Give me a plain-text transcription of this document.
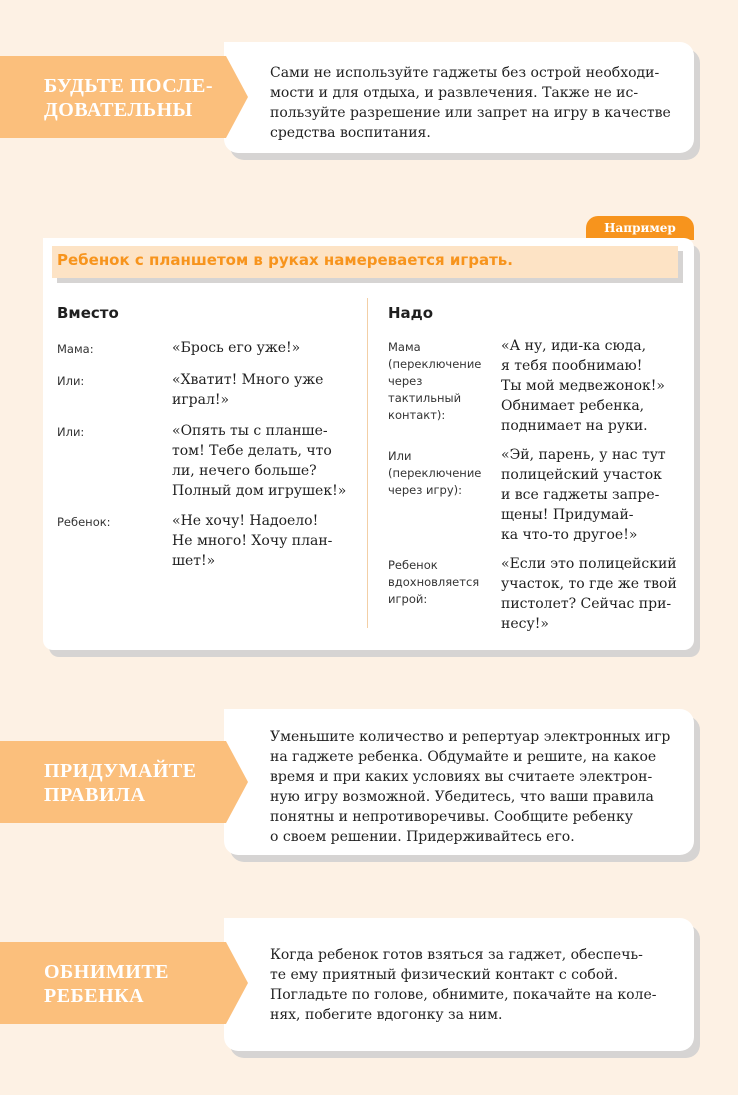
БУДЬТЕ ПОСЛЕ-
ДОВАТЕЛЬНЫ
Сами не используйте гаджеты без острой необходи-
мости и для отдыха, и развлечения. Также не ис-
пользуйте разрешение или запрет на игру в качестве
средства воспитания.
Например
Ребенок с планшетом в руках намеревается играть.
Вместо	Надо
Мама:	«Брось его уже!»
Или:	«Хватит! Много уже
играл!»
Или:	«Опять ты с планше-
том! Тебе делать, что
ли, нечего больше?
Полный дом игрушек!»
Ребенок:	«Не хочу! Надоело!
Не много! Хочу план-
шет!»
Мама
(переключение
через
тактильный
контакт):
«А ну, иди-ка сюда,
я тебя пообнимаю!
Ты мой медвежонок!»
Обнимает ребенка,
поднимает на руки.
Или
(переключение
через игру):
«Эй, парень, у нас тут
полицейский участок
и все гаджеты запре-
щены! Придумай-
ка что-то другое!»
Ребенок
вдохновляется
игрой:
«Если это полицейский
участок, то где же твой
пистолет? Сейчас при-
несу!»
ПРИДУМАЙТЕ
ПРАВИЛА
Уменьшите количество и репертуар электронных игр
на гаджете ребенка. Обдумайте и решите, на какое
время и при каких условиях вы считаете электрон-
ную игру возможной. Убедитесь, что ваши правила
понятны и непротиворечивы. Сообщите ребенку
о своем решении. Придерживайтесь его.
ОБНИМИТЕ
РЕБЕНКА
Когда ребенок готов взяться за гаджет, обеспечь-
те ему приятный физический контакт с собой.
Погладьте по голове, обнимите, покачайте на коле-
нях, побегите вдогонку за ним.
